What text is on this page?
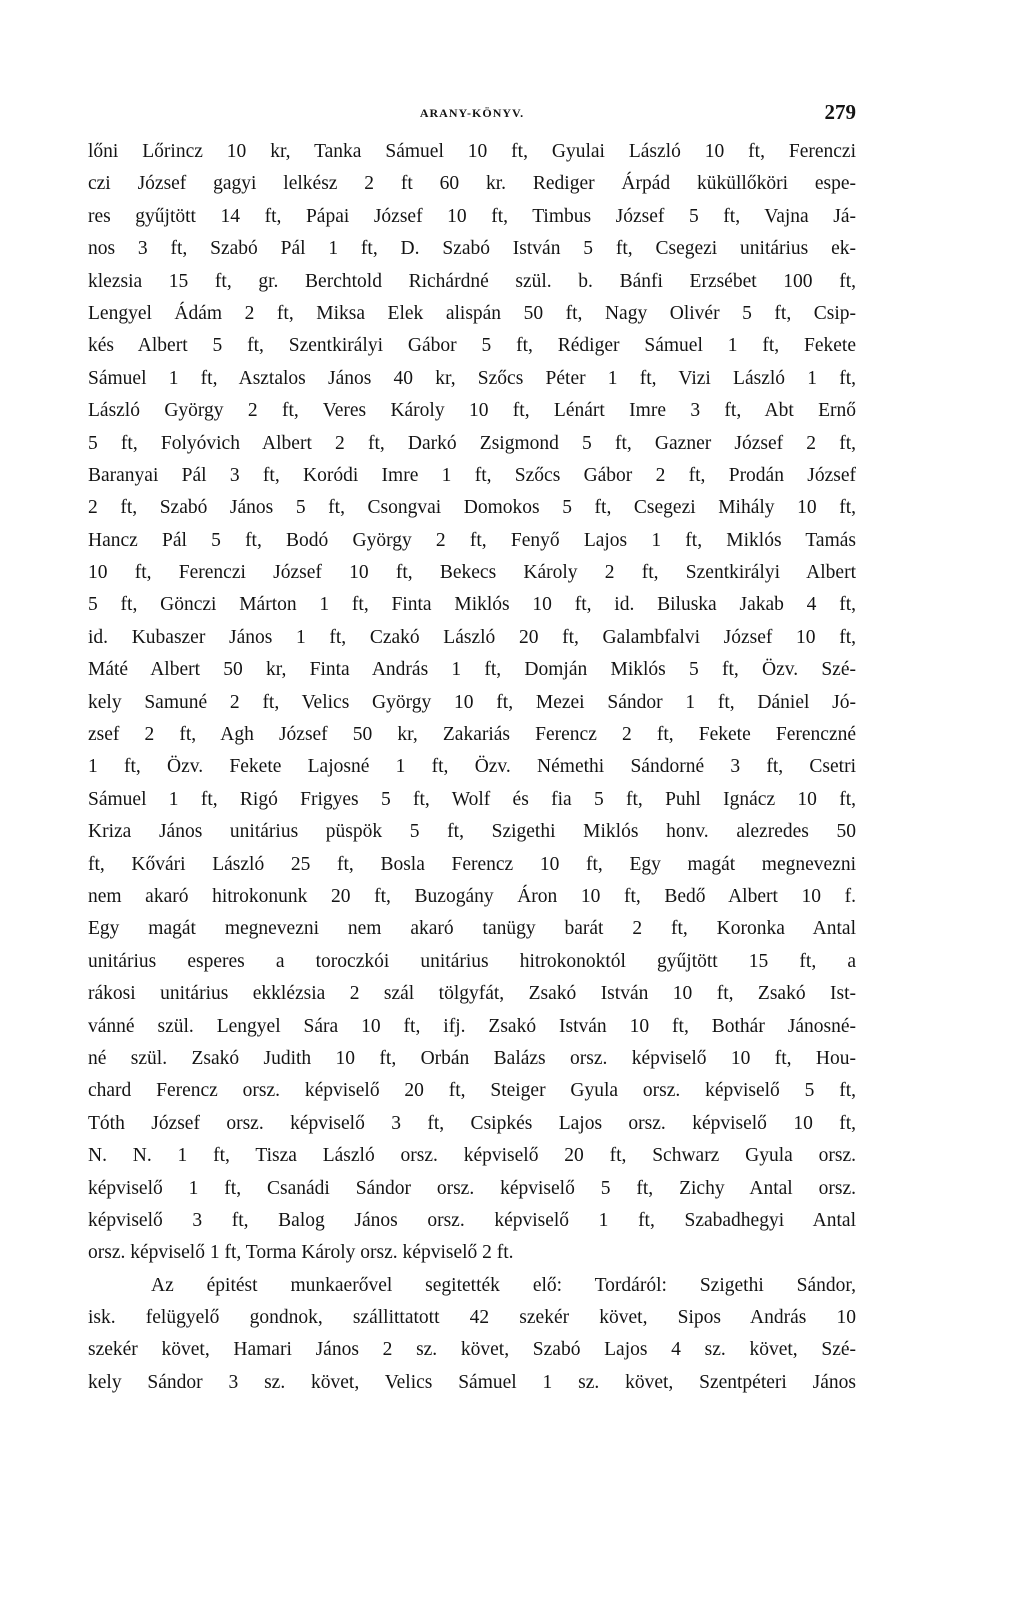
ARANY-KÖNYV.	279
lőni Lőrincz 10 kr, Tanka Sámuel 10 ft, Gyulai László 10 ft, Ferenczi
czi József gagyi lelkész 2 ft 60 kr. Rediger Árpád küküllőköri espe-
res gyűjtött 14 ft, Pápai József 10 ft, Timbus József 5 ft, Vajna Já-
nos 3 ft, Szabó Pál 1 ft, D. Szabó István 5 ft, Csegezi unitárius ek-
klezsia 15 ft, gr. Berchtold Richárdné szül. b. Bánfi Erzsébet 100 ft,
Lengyel Ádám 2 ft, Miksa Elek alispán 50 ft, Nagy Olivér 5 ft, Csip-
kés Albert 5 ft, Szentkirályi Gábor 5 ft, Rédiger Sámuel 1 ft, Fekete
Sámuel 1 ft, Asztalos János 40 kr, Szőcs Péter 1 ft, Vizi László 1 ft,
László György 2 ft, Veres Károly 10 ft, Lénárt Imre 3 ft, Abt Ernő
5 ft, Folyóvich Albert 2 ft, Darkó Zsigmond 5 ft, Gazner József 2 ft,
Baranyai Pál 3 ft, Koródi Imre 1 ft, Szőcs Gábor 2 ft, Prodán József
2 ft, Szabó János 5 ft, Csongvai Domokos 5 ft, Csegezi Mihály 10 ft,
Hancz Pál 5 ft, Bodó György 2 ft, Fenyő Lajos 1 ft, Miklós Tamás
10 ft, Ferenczi József 10 ft, Bekecs Károly 2 ft, Szentkirályi Albert
5 ft, Gönczi Márton 1 ft, Finta Miklós 10 ft, id. Biluska Jakab 4 ft,
id. Kubaszer János 1 ft, Czakó László 20 ft, Galambfalvi József 10 ft,
Máté Albert 50 kr, Finta András 1 ft, Domján Miklós 5 ft, Özv. Szé-
kely Samuné 2 ft, Velics György 10 ft, Mezei Sándor 1 ft, Dániel Jó-
zsef 2 ft, Agh József 50 kr, Zakariás Ferencz 2 ft, Fekete Ferenczné
1 ft, Özv. Fekete Lajosné 1 ft, Özv. Némethi Sándorné 3 ft, Csetri
Sámuel 1 ft, Rigó Frigyes 5 ft, Wolf és fia 5 ft, Puhl Ignácz 10 ft,
Kriza János unitárius püspök 5 ft, Szigethi Miklós honv. alezredes 50
ft, Kővári László 25 ft, Bosla Ferencz 10 ft, Egy magát megnevezni
nem akaró hitrokonunk 20 ft, Buzogány Áron 10 ft, Bedő Albert 10 f.
Egy magát megnevezni nem akaró tanügy barát 2 ft, Koronka Antal
unitárius esperes a toroczkói unitárius hitrokonoktól gyűjtött 15 ft, a
rákosi unitárius ekklézsia 2 szál tölgyfát, Zsakó István 10 ft, Zsakó Ist-
vánné szül. Lengyel Sára 10 ft, ifj. Zsakó István 10 ft, Bothár Jánosné-
né szül. Zsakó Judith 10 ft, Orbán Balázs orsz. képviselő 10 ft, Hou-
chard Ferencz orsz. képviselő 20 ft, Steiger Gyula orsz. képviselő 5 ft,
Tóth József orsz. képviselő 3 ft, Csipkés Lajos orsz. képviselő 10 ft,
N. N. 1 ft, Tisza László orsz. képviselő 20 ft, Schwarz Gyula orsz.
képviselő 1 ft, Csanádi Sándor orsz. képviselő 5 ft, Zichy Antal orsz.
képviselő 3 ft, Balog János orsz. képviselő 1 ft, Szabadhegyi Antal
orsz. képviselő 1 ft, Torma Károly orsz. képviselő 2 ft.
Az épitést munkaerővel segitették elő: Tordáról: Szigethi Sándor,
isk. felügyelő gondnok, szállittatott 42 szekér követ, Sipos András 10
szekér követ, Hamari János 2 sz. követ, Szabó Lajos 4 sz. követ, Szé-
kely Sándor 3 sz. követ, Velics Sámuel 1 sz. követ, Szentpéteri János
